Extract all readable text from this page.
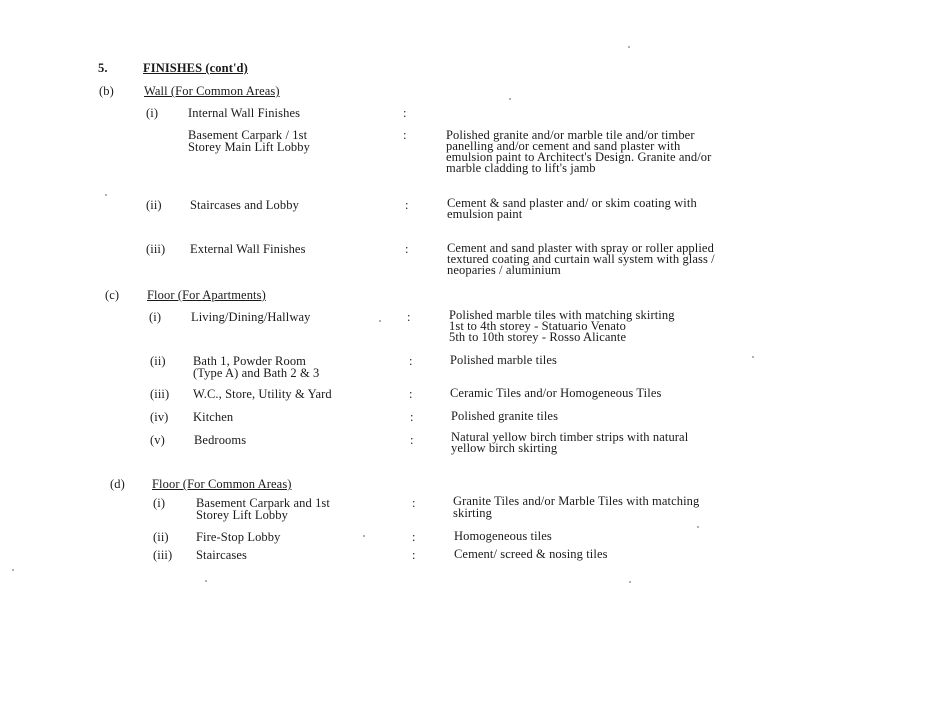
5.	FINISHES (cont'd)
(b) Wall (For Common Areas)
(i) Internal Wall Finishes	:
Basement Carpark / 1st
Storey Main Lift Lobby
:	Polished granite and/or marble tile and/or timber
panelling and/or cement and sand plaster with
emulsion paint to Architect's Design. Granite and/or
marble cladding to lift's jamb
(ii) Staircases and Lobby	:	Cement & sand plaster and/ or skim coating with
emulsion paint
(iii) External Wall Finishes	:	Cement and sand plaster with spray or roller applied
textured coating and curtain wall system with glass /
neoparies / aluminium
(c) Floor (For Apartments)
(i) Living/Dining/Hallway	:	Polished marble tiles with matching skirting
1st to 4th storey - Statuario Venato
5th to 10th storey - Rosso Alicante
(ii) Bath 1, Powder Room
(Type A) and Bath 2 & 3
:	Polished marble tiles
(iii) W.C., Store, Utility & Yard	:	Ceramic Tiles and/or Homogeneous Tiles
(iv) Kitchen	:	Polished granite tiles
(v) Bedrooms	:	Natural yellow birch timber strips with natural
yellow birch skirting
(d) Floor (For Common Areas)
(i) Basement Carpark and 1st
Storey Lift Lobby
:	Granite Tiles and/or Marble Tiles with matching
skirting
(ii) Fire-Stop Lobby	:	Homogeneous tiles
(iii) Staircases	:	Cement/ screed & nosing tiles
